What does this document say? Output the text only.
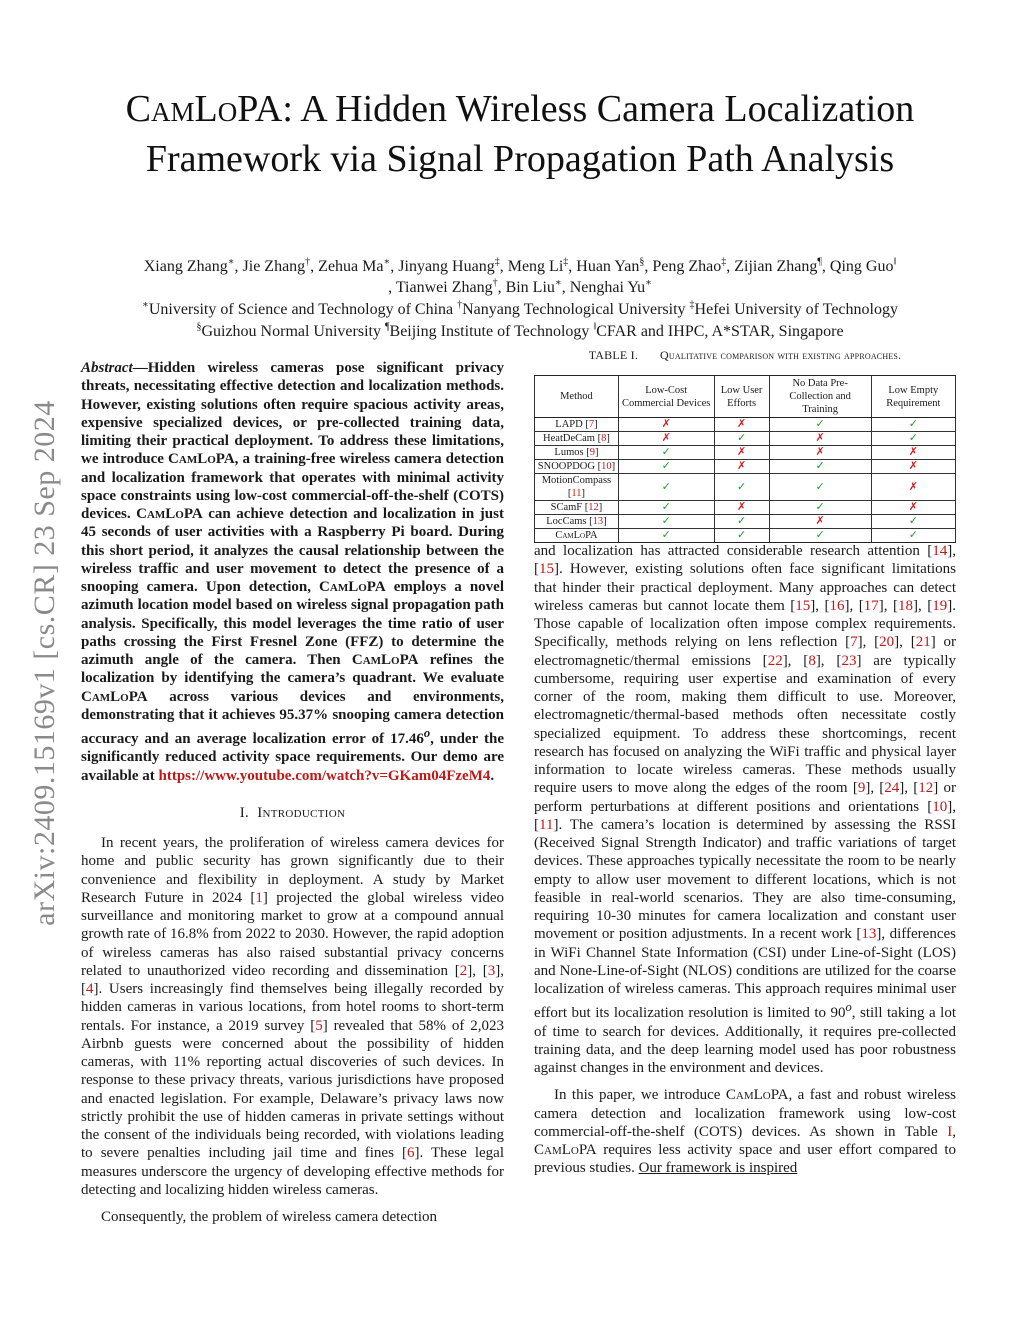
arXiv:2409.15169v1 [cs.CR] 23 Sep 2024
CamLoPA: A Hidden Wireless Camera Localization
Framework via Signal Propagation Path Analysis
Xiang Zhang∗, Jie Zhang†, Zehua Ma∗, Jinyang Huang‡, Meng Li‡, Huan Yan§, Peng Zhao‡, Zijian Zhang¶, Qing Guo‖
, Tianwei Zhang†, Bin Liu∗, Nenghai Yu∗
∗University of Science and Technology of China †Nanyang Technological University ‡Hefei University of Technology
§Guizhou Normal University ¶Beijing Institute of Technology ‖CFAR and IHPC, A*STAR, Singapore
Abstract—Hidden wireless cameras pose significant privacy threats, necessitating effective detection and localization methods. However, existing solutions often require spacious activity areas, expensive specialized devices, or pre-collected training data, limiting their practical deployment. To address these limitations, we introduce CamLoPA, a training-free wireless camera detection and localization framework that operates with minimal activity space constraints using low-cost commercial-off-the-shelf (COTS) devices. CamLoPA can achieve detection and localization in just 45 seconds of user activities with a Raspberry Pi board. During this short period, it analyzes the causal relationship between the wireless traffic and user movement to detect the presence of a snooping camera. Upon detection, CamLoPA employs a novel azimuth location model based on wireless signal propagation path analysis. Specifically, this model leverages the time ratio of user paths crossing the First Fresnel Zone (FFZ) to determine the azimuth angle of the camera. Then CamLoPA refines the localization by identifying the camera’s quadrant. We evaluate CamLoPA across various devices and environments, demonstrating that it achieves 95.37% snooping camera detection accuracy and an average localization error of 17.46$^o$, under the significantly reduced activity space requirements. Our demo are available at https://www.youtube.com/watch?v=GKam04FzeM4.
I. Introduction

In recent years, the proliferation of wireless camera devices for home and public security has grown significantly due to their convenience and flexibility in deployment. A study by Market Research Future in 2024 [1] projected the global wireless video surveillance and monitoring market to grow at a compound annual growth rate of 16.8% from 2022 to 2030. However, the rapid adoption of wireless cameras has also raised substantial privacy concerns related to unauthorized video recording and dissemination [2], [3], [4]. Users increasingly find themselves being illegally recorded by hidden cameras in various locations, from hotel rooms to short-term rentals. For instance, a 2019 survey [5] revealed that 58% of 2,023 Airbnb guests were concerned about the possibility of hidden cameras, with 11% reporting actual discoveries of such devices. In response to these privacy threats, various jurisdictions have proposed and enacted legislation. For example, Delaware’s privacy laws now strictly prohibit the use of hidden cameras in private settings without the consent of the individuals being recorded, with violations leading to severe penalties including jail time and fines [6]. These legal measures underscore the urgency of developing effective methods for detecting and localizing hidden wireless cameras.

Consequently, the problem of wireless camera detection

TABLE I. Qualitative comparison with existing approaches.
Method	Low-Cost Commercial Devices	Low User Efforts	No Data Pre-Collection and Training	Low Empty Requirement
LAPD [7]	✗	✗	✓	✓
HeatDeCam [8]	✗	✓	✗	✓
Lumos [9]	✓	✗	✗	✗
SNOOPDOG [10]	✓	✗	✓	✗
MotionCompass [11]	✓	✓	✓	✗
SCamF [12]	✓	✗	✓	✗
LocCams [13]	✓	✓	✗	✓
CamLoPA	✓	✓	✓	✓

and localization has attracted considerable research attention [14], [15]. However, existing solutions often face significant limitations that hinder their practical deployment. Many approaches can detect wireless cameras but cannot locate them [15], [16], [17], [18], [19]. Those capable of localization often impose complex requirements. Specifically, methods relying on lens reflection [7], [20], [21] or electromagnetic/thermal emissions [22], [8], [23] are typically cumbersome, requiring user expertise and examination of every corner of the room, making them difficult to use. Moreover, electromagnetic/thermal-based methods often necessitate costly specialized equipment. To address these shortcomings, recent research has focused on analyzing the WiFi traffic and physical layer information to locate wireless cameras. These methods usually require users to move along the edges of the room [9], [24], [12] or perform perturbations at different positions and orientations [10], [11]. The camera’s location is determined by assessing the RSSI (Received Signal Strength Indicator) and traffic variations of target devices. These approaches typically necessitate the room to be nearly empty to allow user movement to different locations, which is not feasible in real-world scenarios. They are also time-consuming, requiring 10-30 minutes for camera localization and constant user movement or position adjustments. In a recent work [13], differences in WiFi Channel State Information (CSI) under Line-of-Sight (LOS) and None-Line-of-Sight (NLOS) conditions are utilized for the coarse localization of wireless cameras. This approach requires minimal user effort but its localization resolution is limited to 90$^o$, still taking a lot of time to search for devices. Additionally, it requires pre-collected training data, and the deep learning model used has poor robustness against changes in the environment and devices.

In this paper, we introduce CamLoPA, a fast and robust wireless camera detection and localization framework using low-cost commercial-off-the-shelf (COTS) devices. As shown in Table I, CamLoPA requires less activity space and user effort compared to previous studies. Our framework is inspired
